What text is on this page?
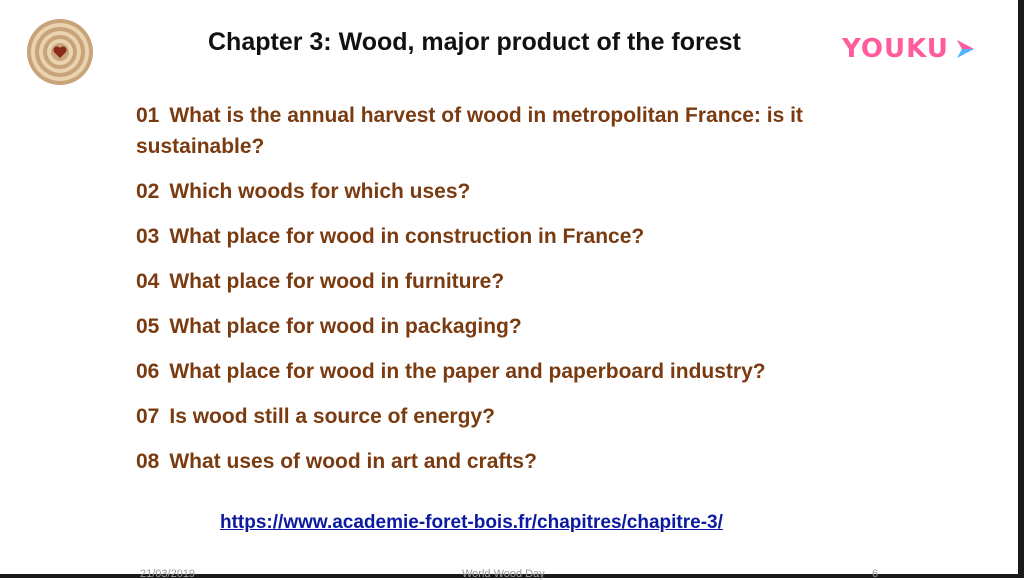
Chapter 3: Wood, major product of the forest	YOUKU
01 What is the annual harvest of wood in metropolitan France: is it sustainable?
02 Which woods for which uses?
03 What place for wood in construction in France?
04 What place for wood in furniture?
05 What place for wood in packaging?
06 What place for wood in the paper and paperboard industry?
07 Is wood still a source of energy?
08 What uses of wood in art and crafts?
https://www.academie-foret-bois.fr/chapitres/chapitre-3/
21/03/2019	World Wood Day	6
